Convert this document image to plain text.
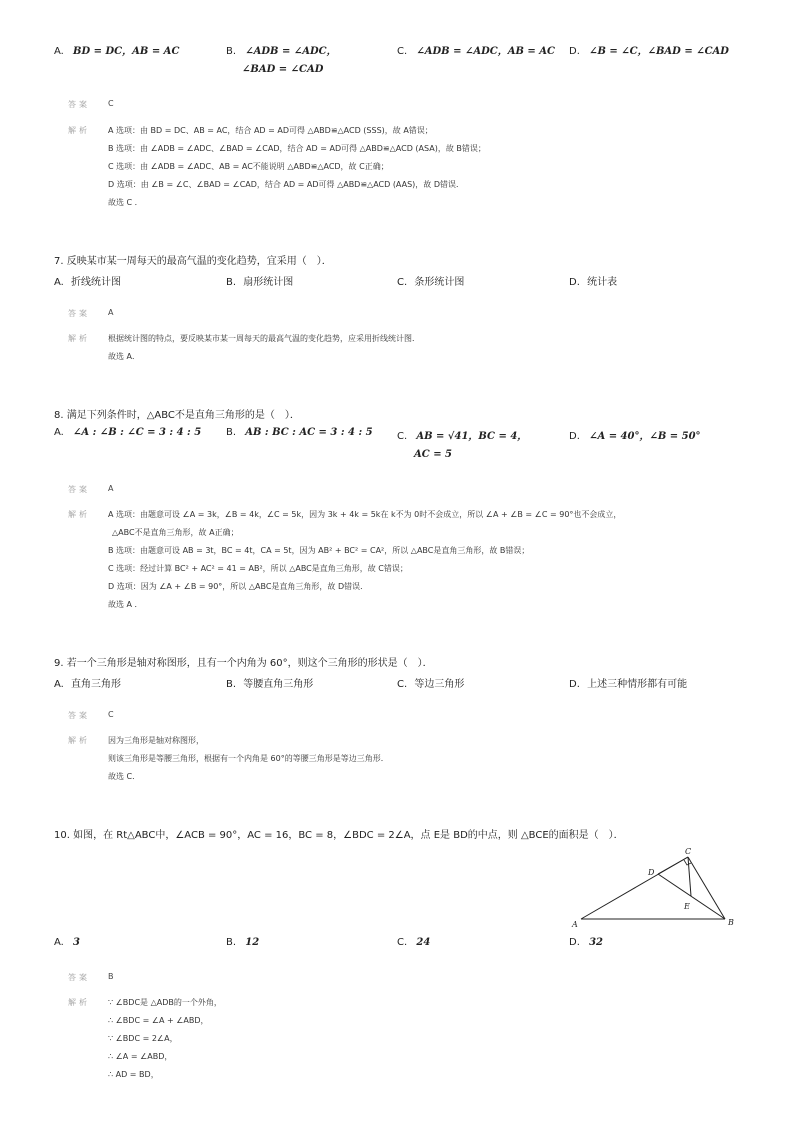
A. BD = DC，AB = AC	B. ∠ADB = ∠ADC，
∠BAD = ∠CAD
C. ∠ADB = ∠ADC，AB = AC D. ∠B = ∠C，∠BAD = ∠CAD
答案 C
解析 A 选项：由 BD = DC、AB = AC，结合 AD = AD可得 △ABD≌△ACD (SSS)，故 A错误；
B 选项：由 ∠ADB = ∠ADC、∠BAD = ∠CAD，结合 AD = AD可得 △ABD≌△ACD (ASA)，故 B错误；
C 选项：由 ∠ADB = ∠ADC、AB = AC不能说明 △ABD≌△ACD，故 C正确；
D 选项：由 ∠B = ∠C、∠BAD = ∠CAD，结合 AD = AD可得 △ABD≌△ACD (AAS)，故 D错误．
故选 C ．
7. 反映某市某一周每天的最高气温的变化趋势，宜采用（　）．
A. 折线统计图	B. 扇形统计图	C. 条形统计图	D. 统计表
答案 A
解析 根据统计图的特点，要反映某市某一周每天的最高气温的变化趋势，应采用折线统计图．
故选 A．
8. 满足下列条件时，△ABC不是直角三角形的是（　）．
A. ∠A : ∠B : ∠C = 3 : 4 : 5 B. AB : BC : AC = 3 : 4 : 5 C. AB = √41，BC = 4，
AC = 5
D. ∠A = 40°，∠B = 50°
答案 A
解析 A 选项：由题意可设 ∠A = 3k，∠B = 4k，∠C = 5k，因为 3k + 4k = 5k在 k不为 0时不会成立，所以 ∠A + ∠B = ∠C = 90°也不会成立，
△ABC不是直角三角形，故 A正确；
B 选项：由题意可设 AB = 3t，BC = 4t，CA = 5t，因为 AB² + BC² = CA²，所以 △ABC是直角三角形，故 B错误；
C 选项：经过计算 BC² + AC² = 41 = AB²，所以 △ABC是直角三角形，故 C错误；
D 选项：因为 ∠A + ∠B = 90°，所以 △ABC是直角三角形，故 D错误．
故选 A ．
9. 若一个三角形是轴对称图形，且有一个内角为 60°，则这个三角形的形状是（　）．
A. 直角三角形	B. 等腰直角三角形	C. 等边三角形	D. 上述三种情形都有可能
答案 C
解析 因为三角形是轴对称图形，
则该三角形是等腰三角形，根据有一个内角是 60°的等腰三角形是等边三角形．
故选 C．
10. 如图，在 Rt△ABC中，∠ACB = 90°，AC = 16，BC = 8，∠BDC = 2∠A，点 E是 BD的中点，则 △BCE的面积是（　）．
A	B
C
D
E
A. 3	B. 12	C. 24	D. 32
答案 B
解析 ∵ ∠BDC是 △ADB的一个外角，
∴ ∠BDC = ∠A + ∠ABD，
∵ ∠BDC = 2∠A，
∴ ∠A = ∠ABD，
∴ AD = BD，
